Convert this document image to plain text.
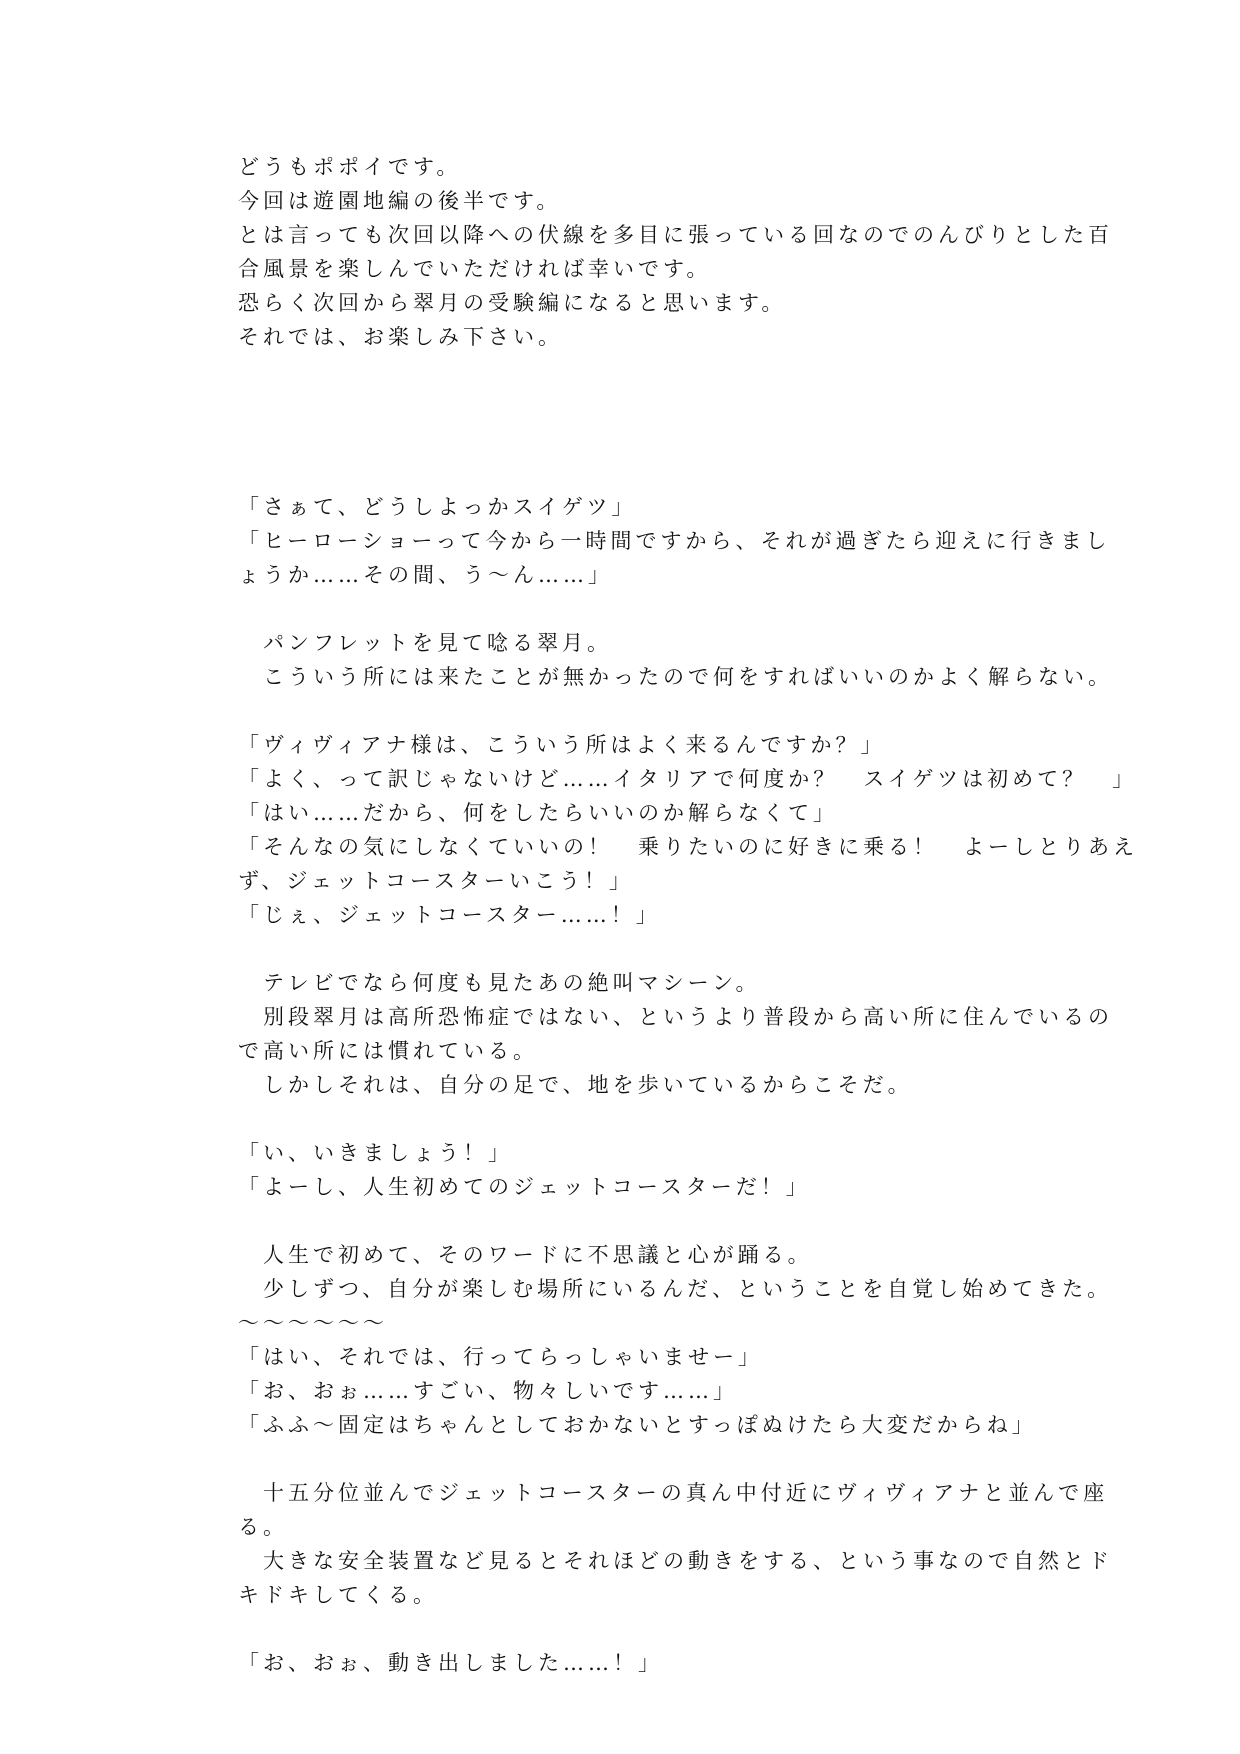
どうもポポイです。
今回は遊園地編の後半です。
とは言っても次回以降への伏線を多目に張っている回なのでのんびりとした百
合風景を楽しんでいただければ幸いです。
恐らく次回から翠月の受験編になると思います。
それでは、お楽しみ下さい。
「さぁて、どうしよっかスイゲツ」
「ヒーローショーって今から一時間ですから、それが過ぎたら迎えに行きまし
ょうか……その間、う〜ん……」
　パンフレットを見て唸る翠月。
　こういう所には来たことが無かったので何をすればいいのかよく解らない。
「ヴィヴィアナ様は、こういう所はよく来るんですか？」
「よく、って訳じゃないけど……イタリアで何度か？　スイゲツは初めて？　」
「はい……だから、何をしたらいいのか解らなくて」
「そんなの気にしなくていいの！　乗りたいのに好きに乗る！　よーしとりあえ
ず、ジェットコースターいこう！」
「じぇ、ジェットコースター……！」
　テレビでなら何度も見たあの絶叫マシーン。
　別段翠月は高所恐怖症ではない、というより普段から高い所に住んでいるの
で高い所には慣れている。
　しかしそれは、自分の足で、地を歩いているからこそだ。
「い、いきましょう！」
「よーし、人生初めてのジェットコースターだ！」
　人生で初めて、そのワードに不思議と心が踊る。
　少しずつ、自分が楽しむ場所にいるんだ、ということを自覚し始めてきた。
〜〜〜〜〜〜
「はい、それでは、行ってらっしゃいませー」
「お、おぉ……すごい、物々しいです……」
「ふふ〜固定はちゃんとしておかないとすっぽぬけたら大変だからね」
　十五分位並んでジェットコースターの真ん中付近にヴィヴィアナと並んで座
る。
　大きな安全装置など見るとそれほどの動きをする、という事なので自然とド
キドキしてくる。
「お、おぉ、動き出しました……！」
